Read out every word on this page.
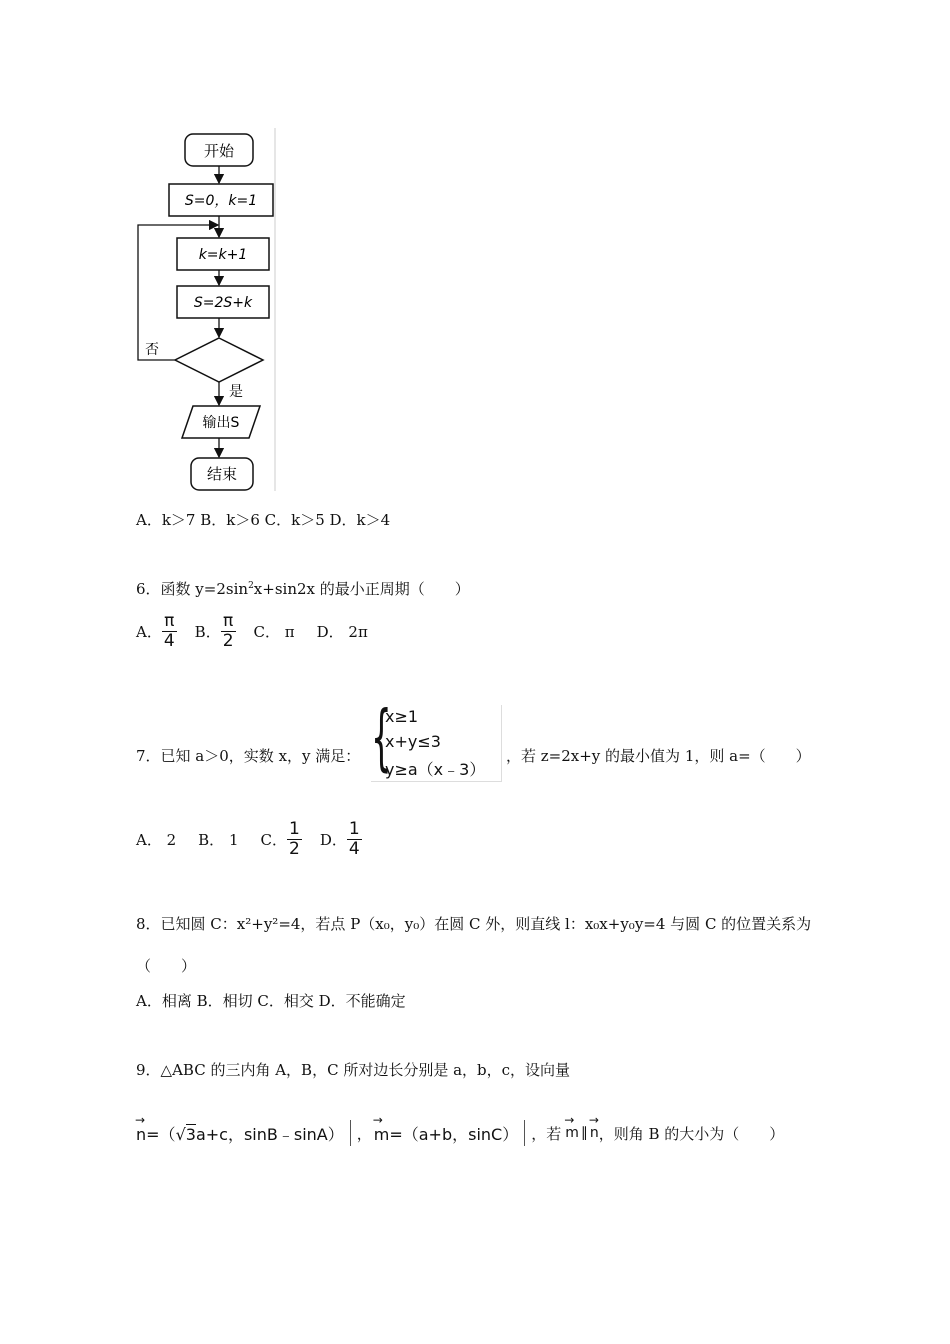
开始
S=0，k=1
k=k+1
S=2S+k
否
是
输出S
结束
A．k＞7 B．k＞6 C．k＞5 D．k＞4
6．函数 $y=2\sin^2x+\sin 2x$ 的最小正周期（　　）
A． $\frac{\pi}{4}$ B． $\frac{\pi}{2}$ C． π D． 2π
7．已知 a＞0，实数 x，y 满足： {
x≥1
x+y≤3
y≥a（x﹣3）
，若 z=2x+y 的最小值为 1，则 a=（　　）
A． 2 B． 1 C． $\frac{1}{2}$ D． $\frac{1}{4}$
8．已知圆 C：x²+y²=4，若点 P（x₀，y₀）在圆 C 外，则直线 l：x₀x+y₀y=4 与圆 C 的位置关系为
（　　）
A．相离 B．相切 C．相交 D．不能确定
9．△ABC 的三内角 A，B，C 所对边长分别是 a，b，c，设向量
→ n=（√3a+c，sinB﹣sinA） ， → m=（a+b，sinC） ，若 → m ∥ → n ，则角 B 的大小为（　　）
